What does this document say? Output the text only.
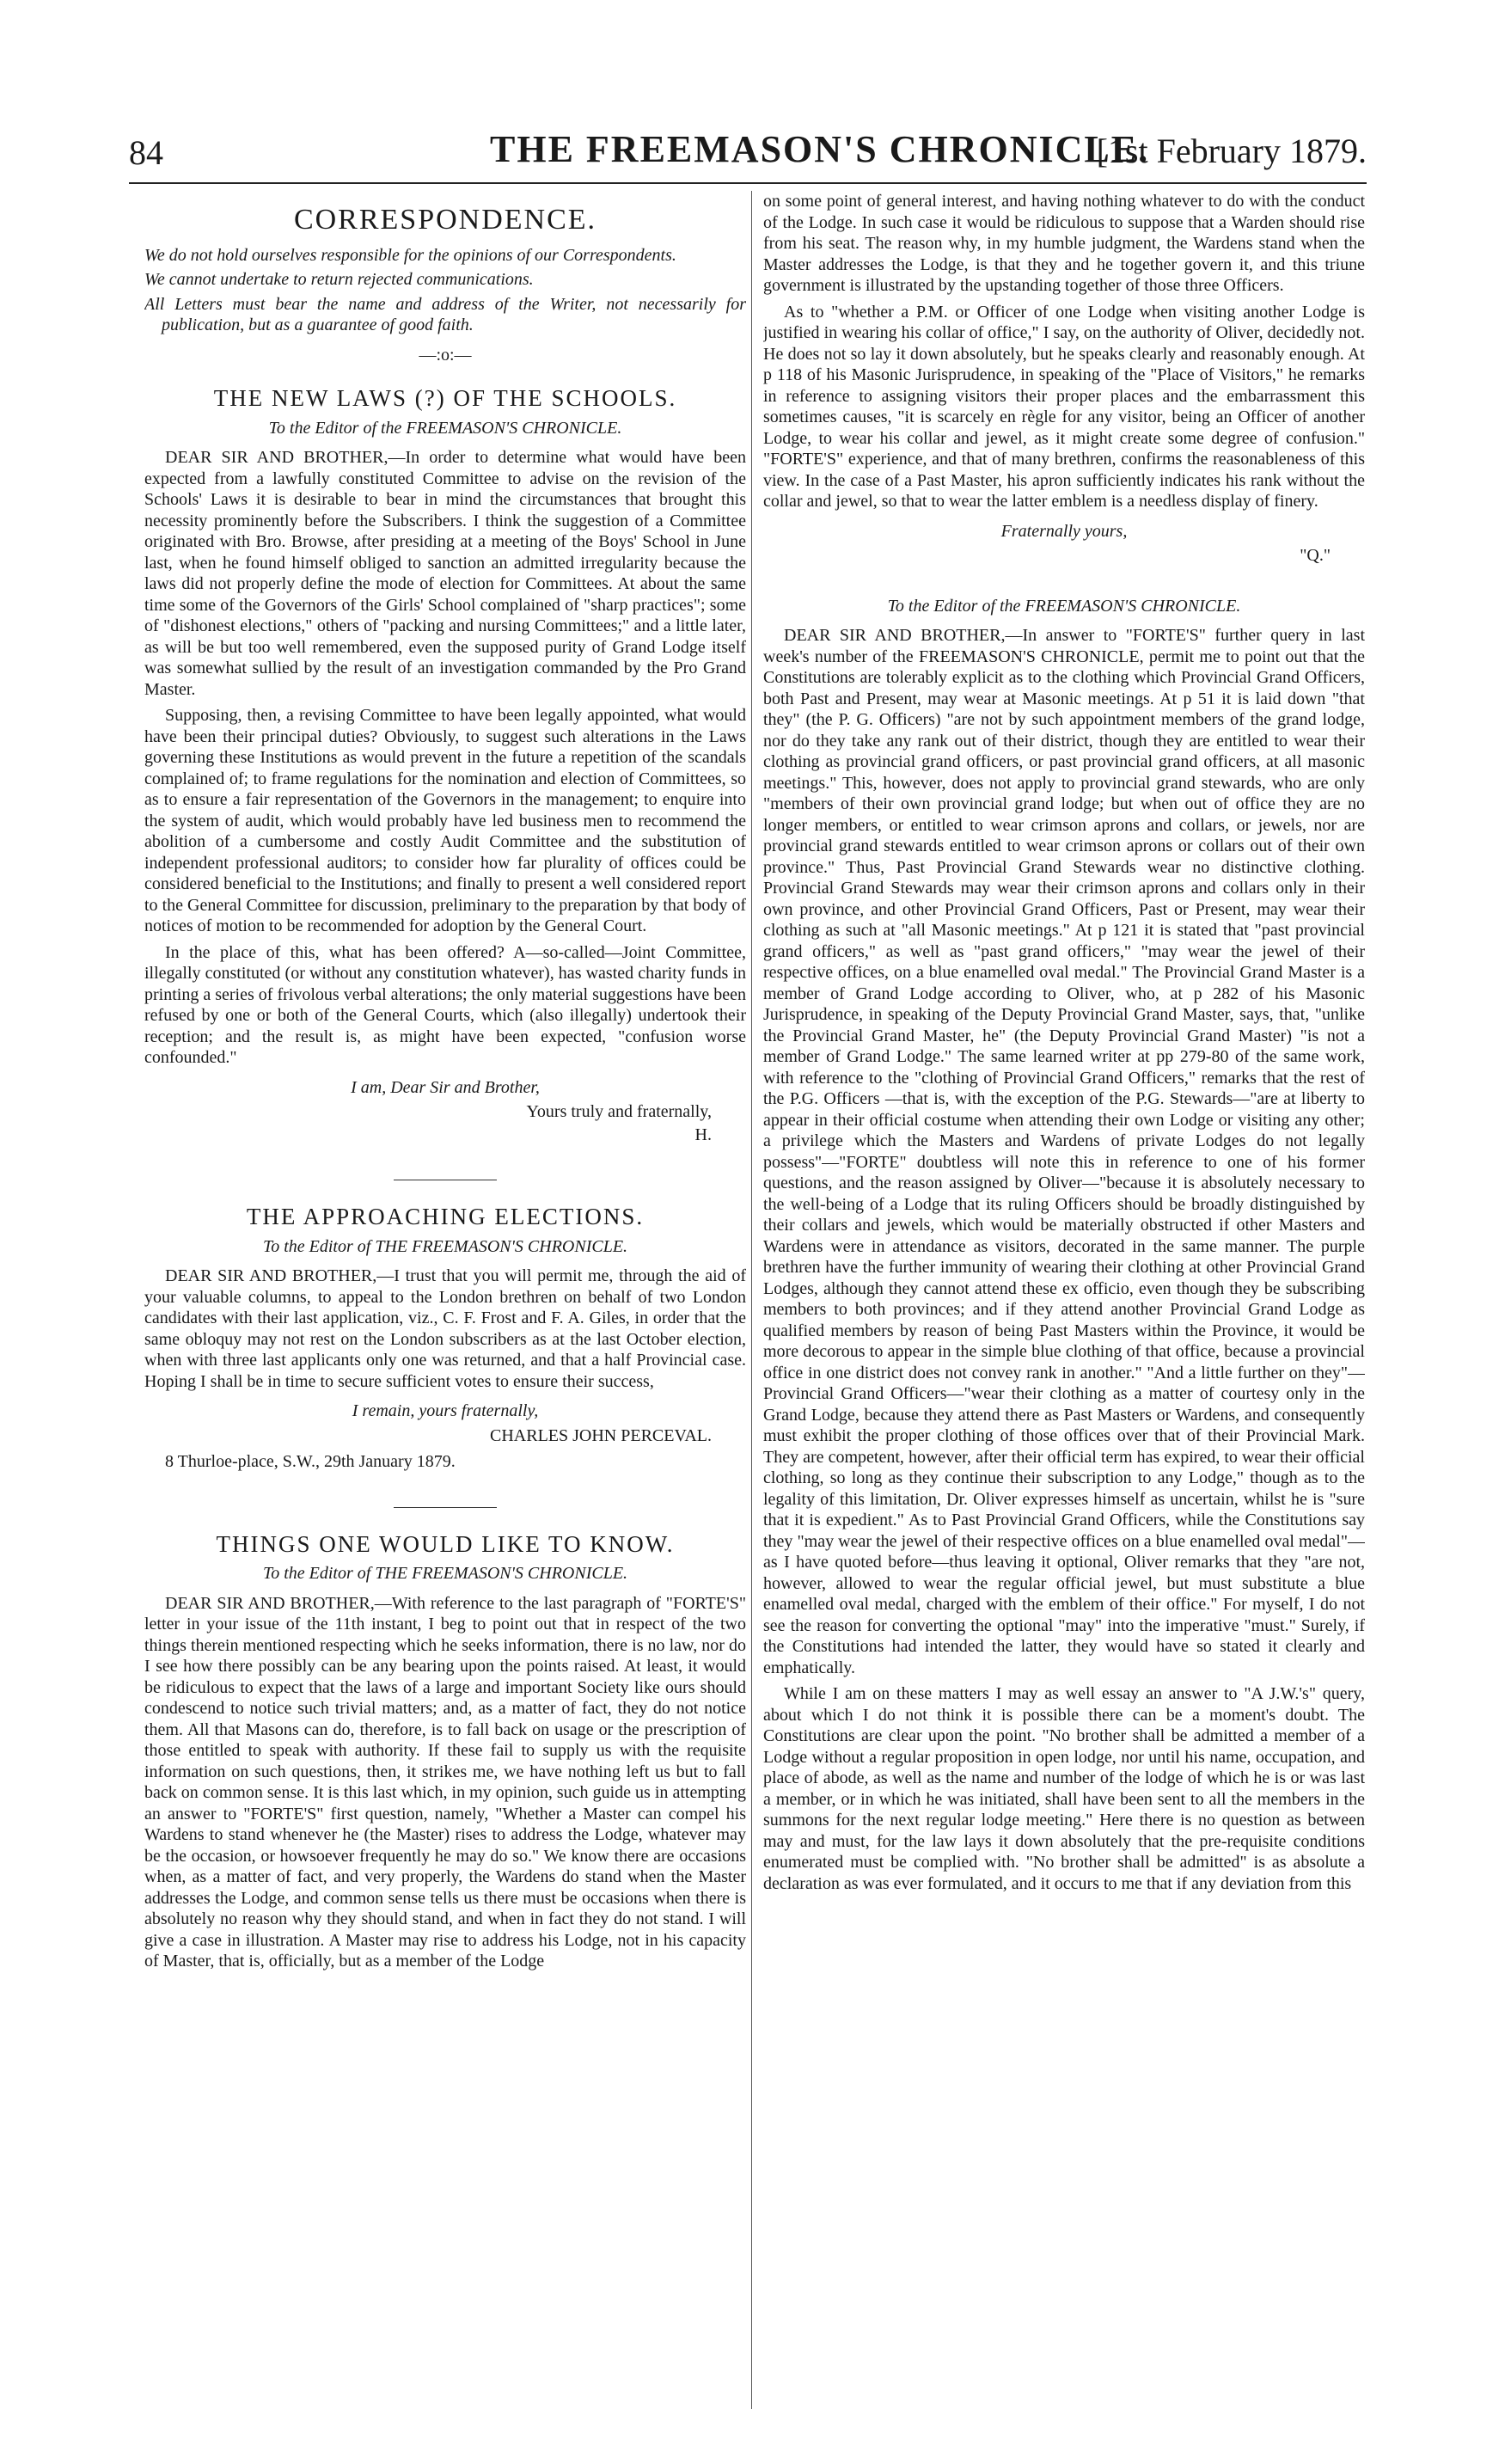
84	THE FREEMASON'S CHRONICLE.
[1st February 1879.
CORRESPONDENCE.

We do not hold ourselves responsible for the opinions of our Correspondents.

We cannot undertake to return rejected communications.

All Letters must bear the name and address of the Writer, not necessarily for publication, but as a guarantee of good faith.

—:o:—
THE NEW LAWS (?) OF THE SCHOOLS.
To the Editor of the FREEMASON'S CHRONICLE.

DEAR SIR AND BROTHER,—In order to determine what would have been expected from a lawfully constituted Committee to advise on the revision of the Schools' Laws it is desirable to bear in mind the circumstances that brought this necessity prominently before the Subscribers. I think the suggestion of a Committee originated with Bro. Browse, after presiding at a meeting of the Boys' School in June last, when he found himself obliged to sanction an admitted irregularity because the laws did not properly define the mode of election for Committees. At about the same time some of the Governors of the Girls' School complained of "sharp practices"; some of "dishonest elections," others of "packing and nursing Committees;" and a little later, as will be but too well remembered, even the supposed purity of Grand Lodge itself was somewhat sullied by the result of an investigation commanded by the Pro Grand Master.

Supposing, then, a revising Committee to have been legally appointed, what would have been their principal duties? Obviously, to suggest such alterations in the Laws governing these Institutions as would prevent in the future a repetition of the scandals complained of; to frame regulations for the nomination and election of Committees, so as to ensure a fair representation of the Governors in the management; to enquire into the system of audit, which would probably have led business men to recommend the abolition of a cumbersome and costly Audit Committee and the substitution of independent professional auditors; to consider how far plurality of offices could be considered beneficial to the Institutions; and finally to present a well considered report to the General Committee for discussion, preliminary to the preparation by that body of notices of motion to be recommended for adoption by the General Court.

In the place of this, what has been offered? A—so-called—Joint Committee, illegally constituted (or without any constitution whatever), has wasted charity funds in printing a series of frivolous verbal alterations; the only material suggestions have been refused by one or both of the General Courts, which (also illegally) undertook their reception; and the result is, as might have been expected, "confusion worse confounded."

I am, Dear Sir and Brother,
Yours truly and fraternally,
H.
THE APPROACHING ELECTIONS.
To the Editor of THE FREEMASON'S CHRONICLE.

DEAR SIR AND BROTHER,—I trust that you will permit me, through the aid of your valuable columns, to appeal to the London brethren on behalf of two London candidates with their last application, viz., C. F. Frost and F. A. Giles, in order that the same obloquy may not rest on the London subscribers as at the last October election, when with three last applicants only one was returned, and that a half Provincial case. Hoping I shall be in time to secure sufficient votes to ensure their success,

I remain, yours fraternally,
CHARLES JOHN PERCEVAL.
8 Thurloe-place, S.W., 29th January 1879.
THINGS ONE WOULD LIKE TO KNOW.
To the Editor of THE FREEMASON'S CHRONICLE.

DEAR SIR AND BROTHER,—With reference to the last paragraph of "FORTE'S" letter in your issue of the 11th instant, I beg to point out that in respect of the two things therein mentioned respecting which he seeks information, there is no law, nor do I see how there possibly can be any bearing upon the points raised. At least, it would be ridiculous to expect that the laws of a large and important Society like ours should condescend to notice such trivial matters; and, as a matter of fact, they do not notice them. All that Masons can do, therefore, is to fall back on usage or the prescription of those entitled to speak with authority. If these fail to supply us with the requisite information on such questions, then, it strikes me, we have nothing left us but to fall back on common sense. It is this last which, in my opinion, such guide us in attempting an answer to "FORTE'S" first question, namely, "Whether a Master can compel his Wardens to stand whenever he (the Master) rises to address the Lodge, whatever may be the occasion, or howsoever frequently he may do so." We know there are occasions when, as a matter of fact, and very properly, the Wardens do stand when the Master addresses the Lodge, and common sense tells us there must be occasions when there is absolutely no reason why they should stand, and when in fact they do not stand. I will give a case in illustration. A Master may rise to address his Lodge, not in his capacity of Master, that is, officially, but as a member of the Lodge

on some point of general interest, and having nothing whatever to do with the conduct of the Lodge. In such case it would be ridiculous to suppose that a Warden should rise from his seat. The reason why, in my humble judgment, the Wardens stand when the Master addresses the Lodge, is that they and he together govern it, and this triune government is illustrated by the upstanding together of those three Officers.

As to "whether a P.M. or Officer of one Lodge when visiting another Lodge is justified in wearing his collar of office," I say, on the authority of Oliver, decidedly not. He does not so lay it down absolutely, but he speaks clearly and reasonably enough. At p 118 of his Masonic Jurisprudence, in speaking of the "Place of Visitors," he remarks in reference to assigning visitors their proper places and the embarrassment this sometimes causes, "it is scarcely en règle for any visitor, being an Officer of another Lodge, to wear his collar and jewel, as it might create some degree of confusion." "FORTE'S" experience, and that of many brethren, confirms the reasonableness of this view. In the case of a Past Master, his apron sufficiently indicates his rank without the collar and jewel, so that to wear the latter emblem is a needless display of finery.

Fraternally yours,
"Q."
To the Editor of the FREEMASON'S CHRONICLE.

DEAR SIR AND BROTHER,—In answer to "FORTE'S" further query in last week's number of the FREEMASON'S CHRONICLE, permit me to point out that the Constitutions are tolerably explicit as to the clothing which Provincial Grand Officers, both Past and Present, may wear at Masonic meetings. At p 51 it is laid down "that they" (the P. G. Officers) "are not by such appointment members of the grand lodge, nor do they take any rank out of their district, though they are entitled to wear their clothing as provincial grand officers, or past provincial grand officers, at all masonic meetings." This, however, does not apply to provincial grand stewards, who are only "members of their own provincial grand lodge; but when out of office they are no longer members, or entitled to wear crimson aprons and collars, or jewels, nor are provincial grand stewards entitled to wear crimson aprons or collars out of their own province." Thus, Past Provincial Grand Stewards wear no distinctive clothing. Provincial Grand Stewards may wear their crimson aprons and collars only in their own province, and other Provincial Grand Officers, Past or Present, may wear their clothing as such at "all Masonic meetings." At p 121 it is stated that "past provincial grand officers," as well as "past grand officers," "may wear the jewel of their respective offices, on a blue enamelled oval medal." The Provincial Grand Master is a member of Grand Lodge according to Oliver, who, at p 282 of his Masonic Jurisprudence, in speaking of the Deputy Provincial Grand Master, says, that, "unlike the Provincial Grand Master, he" (the Deputy Provincial Grand Master) "is not a member of Grand Lodge." The same learned writer at pp 279-80 of the same work, with reference to the "clothing of Provincial Grand Officers," remarks that the rest of the P.G. Officers —that is, with the exception of the P.G. Stewards—"are at liberty to appear in their official costume when attending their own Lodge or visiting any other; a privilege which the Masters and Wardens of private Lodges do not legally possess"—"FORTE" doubtless will note this in reference to one of his former questions, and the reason assigned by Oliver—"because it is absolutely necessary to the well-being of a Lodge that its ruling Officers should be broadly distinguished by their collars and jewels, which would be materially obstructed if other Masters and Wardens were in attendance as visitors, decorated in the same manner. The purple brethren have the further immunity of wearing their clothing at other Provincial Grand Lodges, although they cannot attend these ex officio, even though they be subscribing members to both provinces; and if they attend another Provincial Grand Lodge as qualified members by reason of being Past Masters within the Province, it would be more decorous to appear in the simple blue clothing of that office, because a provincial office in one district does not convey rank in another." "And a little further on they"—Provincial Grand Officers—"wear their clothing as a matter of courtesy only in the Grand Lodge, because they attend there as Past Masters or Wardens, and consequently must exhibit the proper clothing of those offices over that of their Provincial Mark. They are competent, however, after their official term has expired, to wear their official clothing, so long as they continue their subscription to any Lodge," though as to the legality of this limitation, Dr. Oliver expresses himself as uncertain, whilst he is "sure that it is expedient." As to Past Provincial Grand Officers, while the Constitutions say they "may wear the jewel of their respective offices on a blue enamelled oval medal"—as I have quoted before—thus leaving it optional, Oliver remarks that they "are not, however, allowed to wear the regular official jewel, but must substitute a blue enamelled oval medal, charged with the emblem of their office." For myself, I do not see the reason for converting the optional "may" into the imperative "must." Surely, if the Constitutions had intended the latter, they would have so stated it clearly and emphatically.

While I am on these matters I may as well essay an answer to "A J.W.'s" query, about which I do not think it is possible there can be a moment's doubt. The Constitutions are clear upon the point. "No brother shall be admitted a member of a Lodge without a regular proposition in open lodge, nor until his name, occupation, and place of abode, as well as the name and number of the lodge of which he is or was last a member, or in which he was initiated, shall have been sent to all the members in the summons for the next regular lodge meeting." Here there is no question as between may and must, for the law lays it down absolutely that the pre-requisite conditions enumerated must be complied with. "No brother shall be admitted" is as absolute a declaration as was ever formulated, and it occurs to me that if any deviation from this
